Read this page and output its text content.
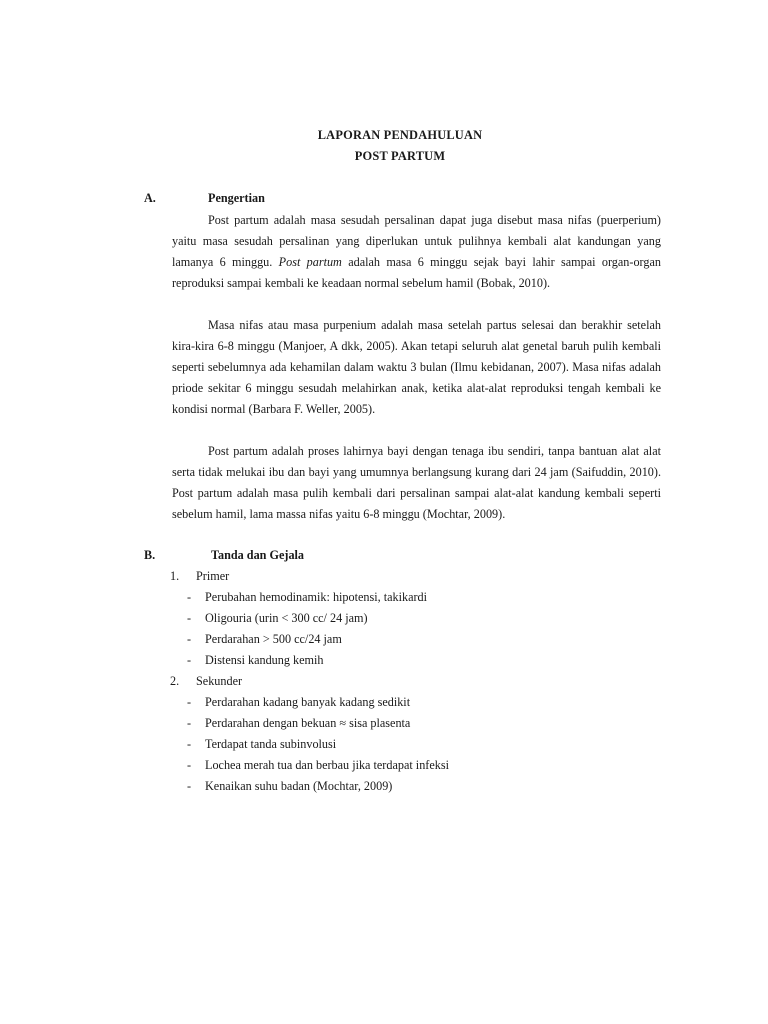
LAPORAN PENDAHULUAN
POST PARTUM
A.	Pengertian

Post partum adalah masa sesudah persalinan dapat juga disebut masa nifas (puerperium) yaitu masa sesudah persalinan yang diperlukan untuk pulihnya kembali alat kandungan yang lamanya 6 minggu. Post partum adalah masa 6 minggu sejak bayi lahir sampai organ-organ reproduksi sampai kembali ke keadaan normal sebelum hamil (Bobak, 2010).

Masa nifas atau masa purpenium adalah masa setelah partus selesai dan berakhir setelah kira-kira 6-8 minggu (Manjoer, A dkk, 2005). Akan tetapi seluruh alat genetal baruh pulih kembali seperti sebelumnya ada kehamilan dalam waktu 3 bulan (Ilmu kebidanan, 2007). Masa nifas adalah priode sekitar 6 minggu sesudah melahirkan anak, ketika alat-alat reproduksi tengah kembali ke kondisi normal (Barbara F. Weller, 2005).

Post partum adalah proses lahirnya bayi dengan tenaga ibu sendiri, tanpa bantuan alat alat serta tidak melukai ibu dan bayi yang umumnya berlangsung kurang dari 24 jam (Saifuddin, 2010). Post partum adalah masa pulih kembali dari persalinan sampai alat-alat kandung kembali seperti sebelum hamil, lama massa nifas yaitu 6-8 minggu (Mochtar, 2009).

B.	Tanda dan Gejala
1. Primer
- Perubahan hemodinamik: hipotensi, takikardi
- Oligouria (urin < 300 cc/ 24 jam)
- Perdarahan > 500 cc/24 jam
- Distensi kandung kemih
2. Sekunder
- Perdarahan kadang banyak kadang sedikit
- Perdarahan dengan bekuan ≈ sisa plasenta
- Terdapat tanda subinvolusi
- Lochea merah tua dan berbau jika terdapat infeksi
- Kenaikan suhu badan (Mochtar, 2009)
